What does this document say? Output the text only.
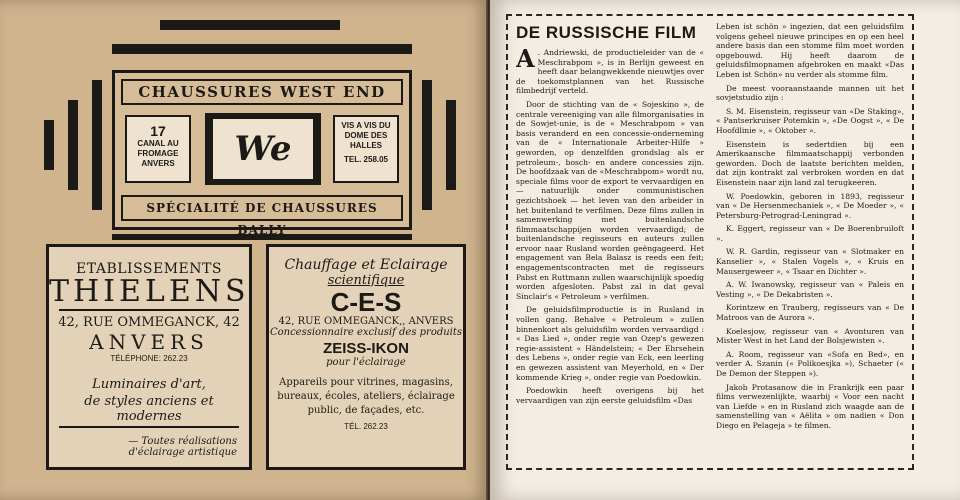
CHAUSSURES WEST END
17
CANAL AU FROMAGE ANVERS	We
VIS A VIS DU DOME DES HALLES
TEL. 258.05
SPÉCIALITÉ DE CHAUSSURES BALLY
ETABLISSEMENTS
THIELENS
42, RUE OMMEGANCK, 42
ANVERS
TÉLÉPHONE: 262.23
Luminaires d'art,
de styles anciens et modernes
— Toutes réalisations
d'éclairage artistique
Chauffage et Eclairage
scientifique
C-E-S
42, RUE OMMEGANCK,, ANVERS
Concessionnaire exclusif des produits
ZEISS-IKON
pour l'éclairage
Appareils pour vitrines, magasins, bureaux, écoles, ateliers, éclairage public, de façades, etc.
TÉL. 262.23
DE RUSSISCHE FILM

A . Andriewski, de productieleider van de « Meschrabpom », is in Berlijn geweest en heeft daar belangwekkende nieuwtjes over de toekomstplannen van het Russische filmbedrijf verteld.

Door de stichting van de « Sojeskino », de centrale vereeniging van alle filmorganisaties in de Sowjet-unie, is de « Meschrabpom » van basis veranderd en een concessie-onderneming van de « Internationale Arbeiter-Hilfe » geworden, op denzelfden grondslag als er petroleum-, bosch- en andere concessies zijn. De hoofdzaak van de «Meschrabpom» wordt nu, speciale films voor de export te vervaardigen en — natuurlijk onder communistischen gezichtshoek — het leven van den arbeider in het buitenland te verfilmen. Deze films zullen in samenwerking met buitenlandsche filmmaatschappijen worden vervaardigd; de buitenlandsche regisseurs en auteurs zullen ervoor naar Rusland worden geëngageerd. Het engagement van Bela Balasz is reeds een feit; engagementscontracten met de regisseurs Pabst en Ruttmann zullen waarschijnlijk spoedig worden afgesloten. Pabst zal in dat geval Sinclair's « Petroleum » verfilmen.

De geluidsfilmproductie is in Rusland in vollen gang. Behalve « Petroleum » zullen binnenkort als geluidsfilm worden vervaardigd : « Das Lied », onder regie van Ozep's gewezen regie-assistent « Händelstein; « Der Ehrsehein des Lebens », onder regie van Eck, een leerling en gewezen assistent van Meyerhold, en « Der kommende Krieg », onder regie van Poedowkin.

Poedowkin heeft overigens bij het vervaardigen van zijn eerste geluidsfilm «Das

Leben ist schön » ingezien, dat een geluidsfilm volgens geheel nieuwe principes en op een heel andere basis dan een stomme film moet worden opgebouwd. Hij heeft daarom de geluidsfilmopnamen afgebroken en maakt «Das Leben ist Schön» nu verder als stomme film.

De meest vooraanstaande mannen uit het sovjetstudio zijn :

S. M. Eisenstein, regisseur van «De Staking», « Pantserkruiser Potemkin », «De Oogst », « De Hoofdlinie », « Oktober ».

Eisenstein is sedertdien bij een Amerikaansche filmmaatschappij verbonden geworden. Doch de laatste berichten melden, dat zijn kontrakt zal verbroken worden en dat Eisenstein naar zijn land zal terugkeeren.

W. Poedowkin, geboren in 1893, regisseur van « De Hersenmechaniek », « De Moeder », « Petersburg-Petrograd-Leningrad ».

K. Eggert, regisseur van « De Boerenbruiloft ».

W. R. Gardin, regisseur van « Slotmaker en Kanselier », « Stalen Vogels », « Kruis en Mausergeweer », « Tsaar en Dichter ».

A. W. Iwanowsky, regisseur van « Paleis en Vesting », « De Dekabristen ».

Korintzew en Trauberg, regisseurs van « De Matroos van de Aurora ».

Koelesjow, regisseur van « Avonturen van Mister West in het Land der Bolsjewisten ».

A. Room, regisseur van «Sofa en Bed», en verder A. Szanin (« Polikoesjka »), Schaeter (« De Demon der Steppen »).

Jakob Protasanow die in Frankrijk een paar films verwezenlijkte, waarbij « Voor een nacht van Liefde » en in Rusland zich waagde aan de samenstelling van « Aëlita » om nadien « Don Diego en Pelageja » te filmen.
